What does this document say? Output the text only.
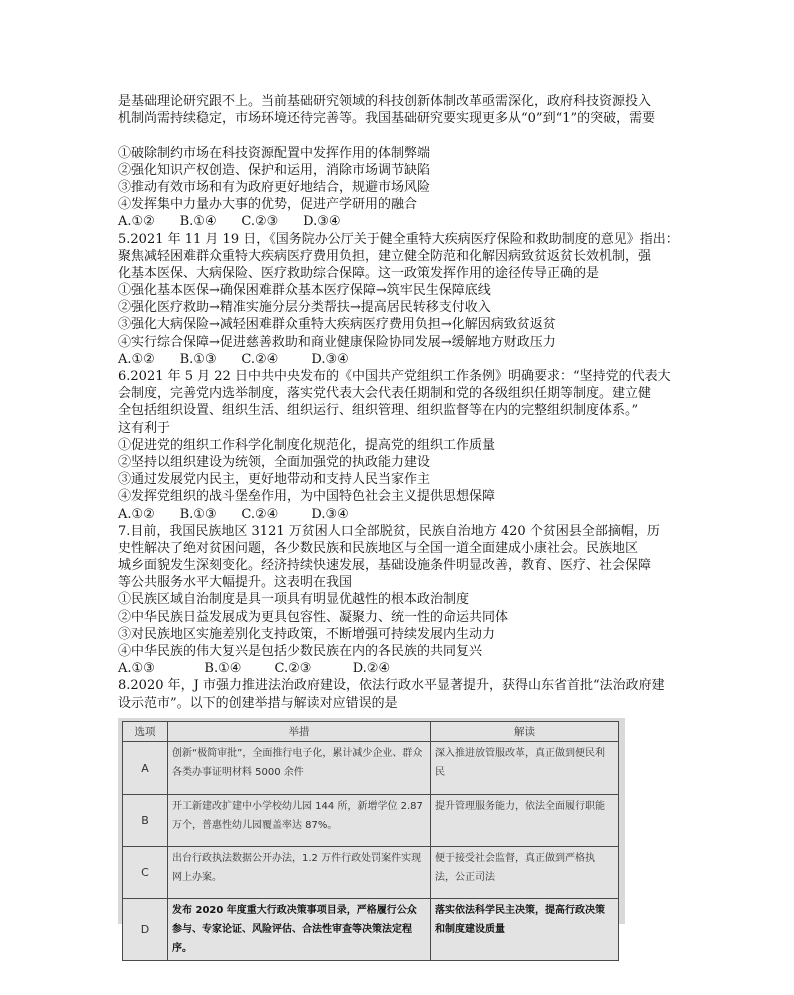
是基础理论研究跟不上。当前基础研究领域的科技创新体制改革亟需深化，政府科技资源投入
机制尚需持续稳定，市场环境还待完善等。我国基础研究要实现更多从“0”到“1”的突破，需要
①破除制约市场在科技资源配置中发挥作用的体制弊端
②强化知识产权创造、保护和运用，消除市场调节缺陷
③推动有效市场和有为政府更好地结合，规避市场风险
④发挥集中力量办大事的优势，促进产学研用的融合
A.①②      B.①④      C.②③      D.③④
5.2021 年 11 月 19 日，《国务院办公厅关于健全重特大疾病医疗保险和救助制度的意见》指出：
聚焦减轻困难群众重特大疾病医疗费用负担，建立健全防范和化解因病致贫返贫长效机制，强
化基本医保、大病保险、医疗救助综合保障。这一政策发挥作用的途径传导正确的是
①强化基本医保→确保困难群众基本医疗保障→筑牢民生保障底线
②强化医疗救助→精准实施分层分类帮扶→提高居民转移支付收入
③强化大病保险→减轻困难群众重特大疾病医疗费用负担→化解因病致贫返贫
④实行综合保障→促进慈善救助和商业健康保险协同发展→缓解地方财政压力
A.①②      B.①③      C.②④        D.③④
6.2021 年 5 月 22 日中共中央发布的《中国共产党组织工作条例》明确要求：“坚持党的代表大
会制度，完善党内选举制度，落实党代表大会代表任期制和党的各级组织任期等制度。建立健
全包括组织设置、组织生活、组织运行、组织管理、组织监督等在内的完整组织制度体系。”
这有利于
①促进党的组织工作科学化制度化规范化，提高党的组织工作质量
②坚持以组织建设为统领，全面加强党的执政能力建设
③通过发展党内民主，更好地带动和支持人民当家作主
④发挥党组织的战斗堡垒作用，为中国特色社会主义提供思想保障
A.①②      B.①③      C.②④        D.③④
7.目前，我国民族地区 3121 万贫困人口全部脱贫，民族自治地方 420 个贫困县全部摘帽，历
史性解决了绝对贫困问题，各少数民族和民族地区与全国一道全面建成小康社会。民族地区
城乡面貌发生深刻变化。经济持续快速发展，基础设施条件明显改善，教育、医疗、社会保障
等公共服务水平大幅提升。这表明在我国
①民族区域自治制度是具一项具有明显优越性的根本政治制度
②中华民族日益发展成为更具包容性、凝聚力、统一性的命运共同体
③对民族地区实施差别化支持政策，不断增强可持续发展内生动力
④中华民族的伟大复兴是包括少数民族在内的各民族的共同复兴
A.①③            B.①④        C.②③          D.②④
8.2020 年，J 市强力推进法治政府建设，依法行政水平显著提升，获得山东省首批“法治政府建
设示范市”。以下的创建举措与解读对应错误的是
选项	举措	解读
A	创新“极简审批”，全面推行电子化，累计减少企业、群众各类办事证明材料 5000 余件	深入推进放管服改革，真正做到便民利民
B	开工新建改扩建中小学校幼儿园 144 所，新增学位 2.87 万个，普惠性幼儿园覆盖率达 87%。	提升管理服务能力，依法全面履行职能
C	出台行政执法数据公开办法，1.2 万件行政处罚案件实现网上办案。	便于接受社会监督，真正做到严格执法，公正司法
D	发布 2020 年度重大行政决策事项目录，严格履行公众参与、专家论证、风险评估、合法性审查等决策法定程序。	落实依法科学民主决策，提高行政决策和制度建设质量
